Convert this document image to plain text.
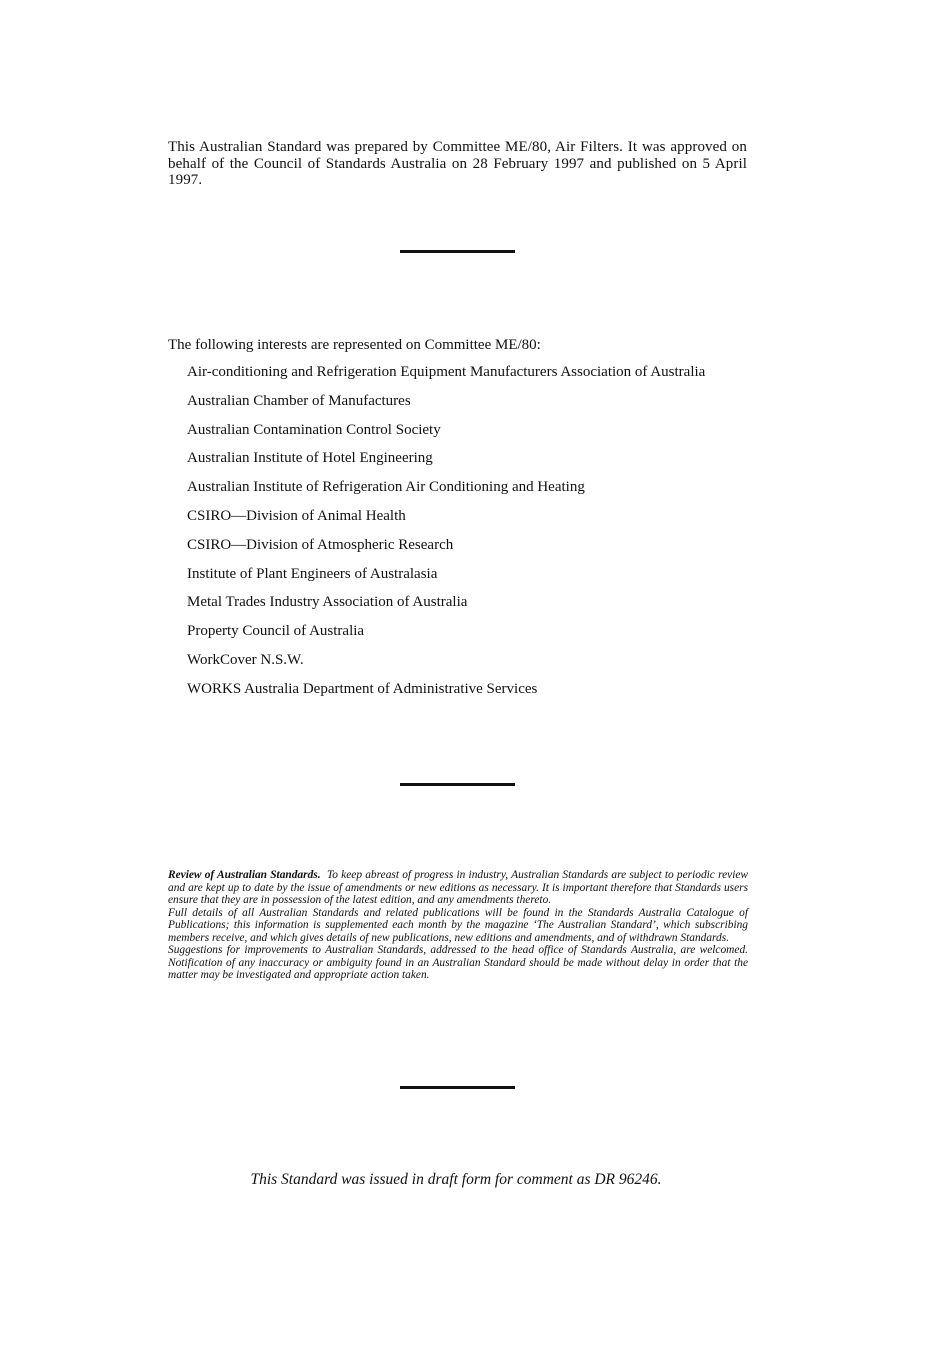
This Australian Standard was prepared by Committee ME/80, Air Filters. It was approved on behalf of the Council of Standards Australia on 28 February 1997 and published on 5 April 1997.

The following interests are represented on Committee ME/80:
Air-conditioning and Refrigeration Equipment Manufacturers Association of Australia
Australian Chamber of Manufactures
Australian Contamination Control Society
Australian Institute of Hotel Engineering
Australian Institute of Refrigeration Air Conditioning and Heating
CSIRO—Division of Animal Health
CSIRO—Division of Atmospheric Research
Institute of Plant Engineers of Australasia
Metal Trades Industry Association of Australia
Property Council of Australia
WorkCover N.S.W.
WORKS Australia Department of Administrative Services

Review of Australian Standards. To keep abreast of progress in industry, Australian Standards are subject to periodic review and are kept up to date by the issue of amendments or new editions as necessary. It is important therefore that Standards users ensure that they are in possession of the latest edition, and any amendments thereto.

Full details of all Australian Standards and related publications will be found in the Standards Australia Catalogue of Publications; this information is supplemented each month by the magazine ‘The Australian Standard’, which subscribing members receive, and which gives details of new publications, new editions and amendments, and of withdrawn Standards.

Suggestions for improvements to Australian Standards, addressed to the head office of Standards Australia, are welcomed. Notification of any inaccuracy or ambiguity found in an Australian Standard should be made without delay in order that the matter may be investigated and appropriate action taken.

This Standard was issued in draft form for comment as DR 96246.
